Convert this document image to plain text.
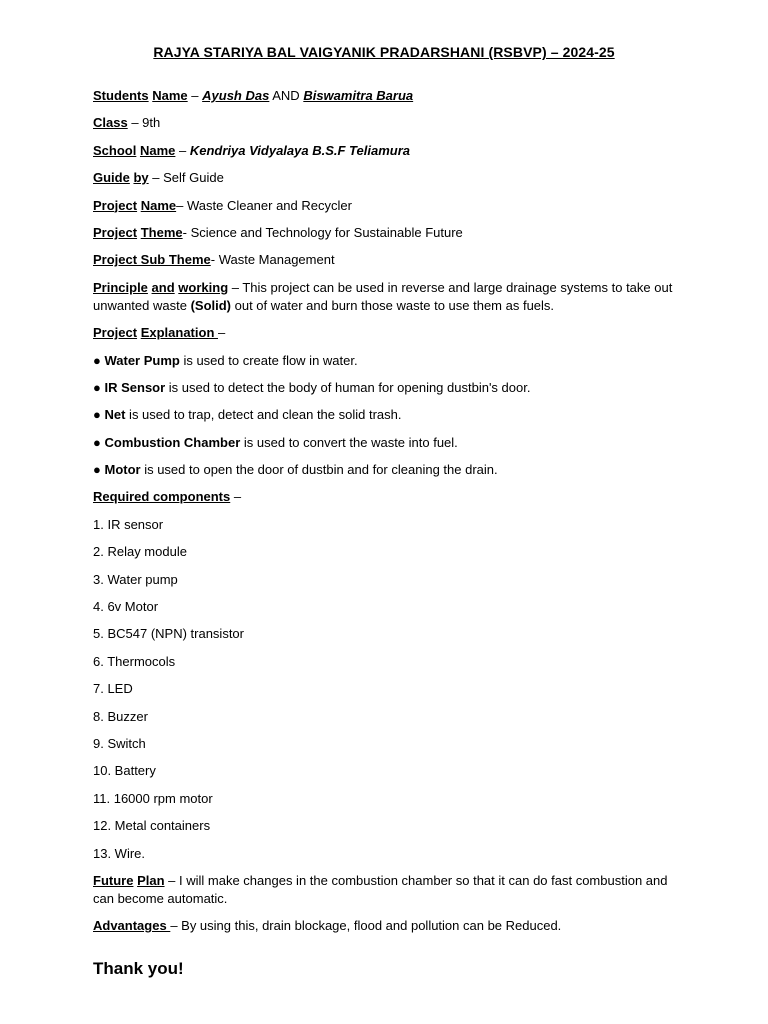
RAJYA STARIYA BAL VAIGYANIK PRADARSHANI (RSBVP) – 2024-25
Students Name – Ayush Das AND Biswamitra Barua
Class – 9th
School Name – Kendriya Vidyalaya B.S.F Teliamura
Guide by – Self Guide
Project Name– Waste Cleaner and Recycler
Project Theme- Science and Technology for Sustainable Future
Project Sub Theme- Waste Management
Principle and working – This project can be used in reverse and large drainage systems to take out unwanted waste (Solid) out of water and burn those waste to use them as fuels.
Project Explanation –
● Water Pump is used to create flow in water.
● IR Sensor is used to detect the body of human for opening dustbin's door.
● Net is used to trap, detect and clean the solid trash.
● Combustion Chamber is used to convert the waste into fuel.
● Motor is used to open the door of dustbin and for cleaning the drain.
Required components –
1. IR sensor
2. Relay module
3. Water pump
4. 6v Motor
5. BC547 (NPN) transistor
6. Thermocols
7. LED
8. Buzzer
9. Switch
10. Battery
11. 16000 rpm motor
12. Metal containers
13. Wire.
Future Plan – I will make changes in the combustion chamber so that it can do fast combustion and can become automatic.
Advantages – By using this, drain blockage, flood and pollution can be Reduced.
Thank you!
